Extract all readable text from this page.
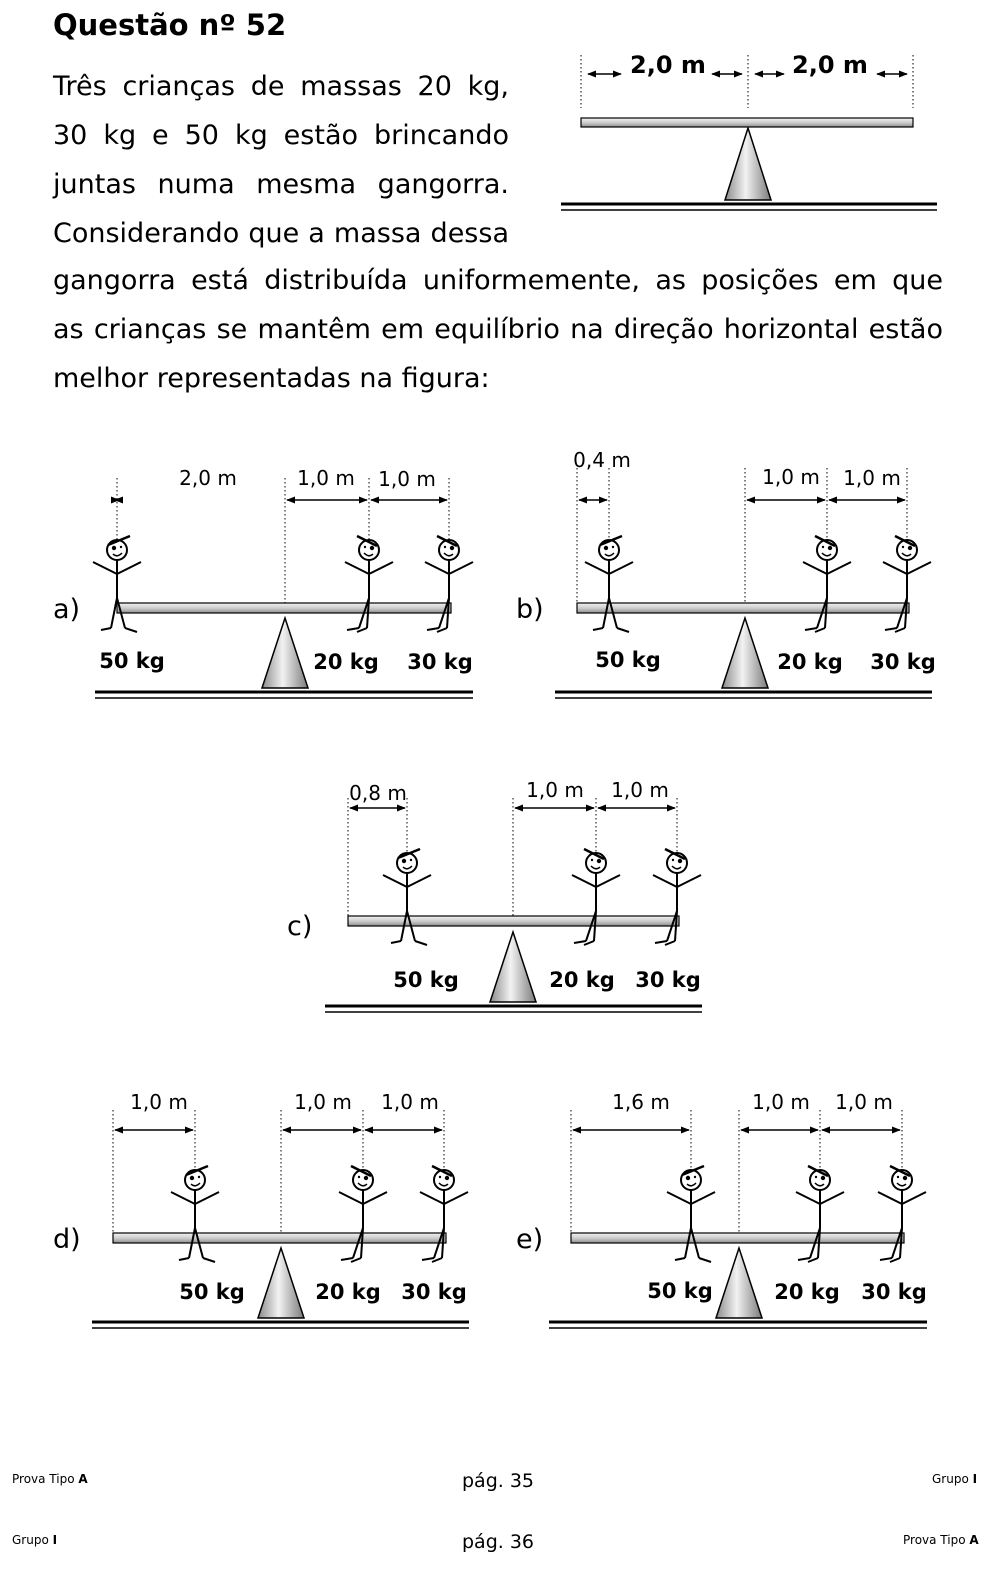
Questão nº 52
Três crianças de massas 20 kg,
30 kg e 50 kg estão brincando
juntas numa mesma gangorra.
Considerando que a massa dessa
gangorra está distribuída uniformemente, as posições em que
as crianças se mantêm em equilíbrio na direção horizontal estão
melhor representadas na figura:
2,0 m	2,0 m
a)
2,0 m	1,0 m 1,0 m
50 kg	20 kg 30 kg
b)
0,4 m
1,0 m 1,0 m
50 kg	20 kg 30 kg
c)
0,8 m	1,0 m 1,0 m
50 kg	20 kg 30 kg
d)
1,0 m	1,0 m 1,0 m
50 kg	20 kg 30 kg
e)
1,6 m	1,0 m 1,0 m
50 kg	20 kg 30 kg
Prova Tipo A	pág. 35	Grupo I
Grupo I	pág. 36	Prova Tipo A
